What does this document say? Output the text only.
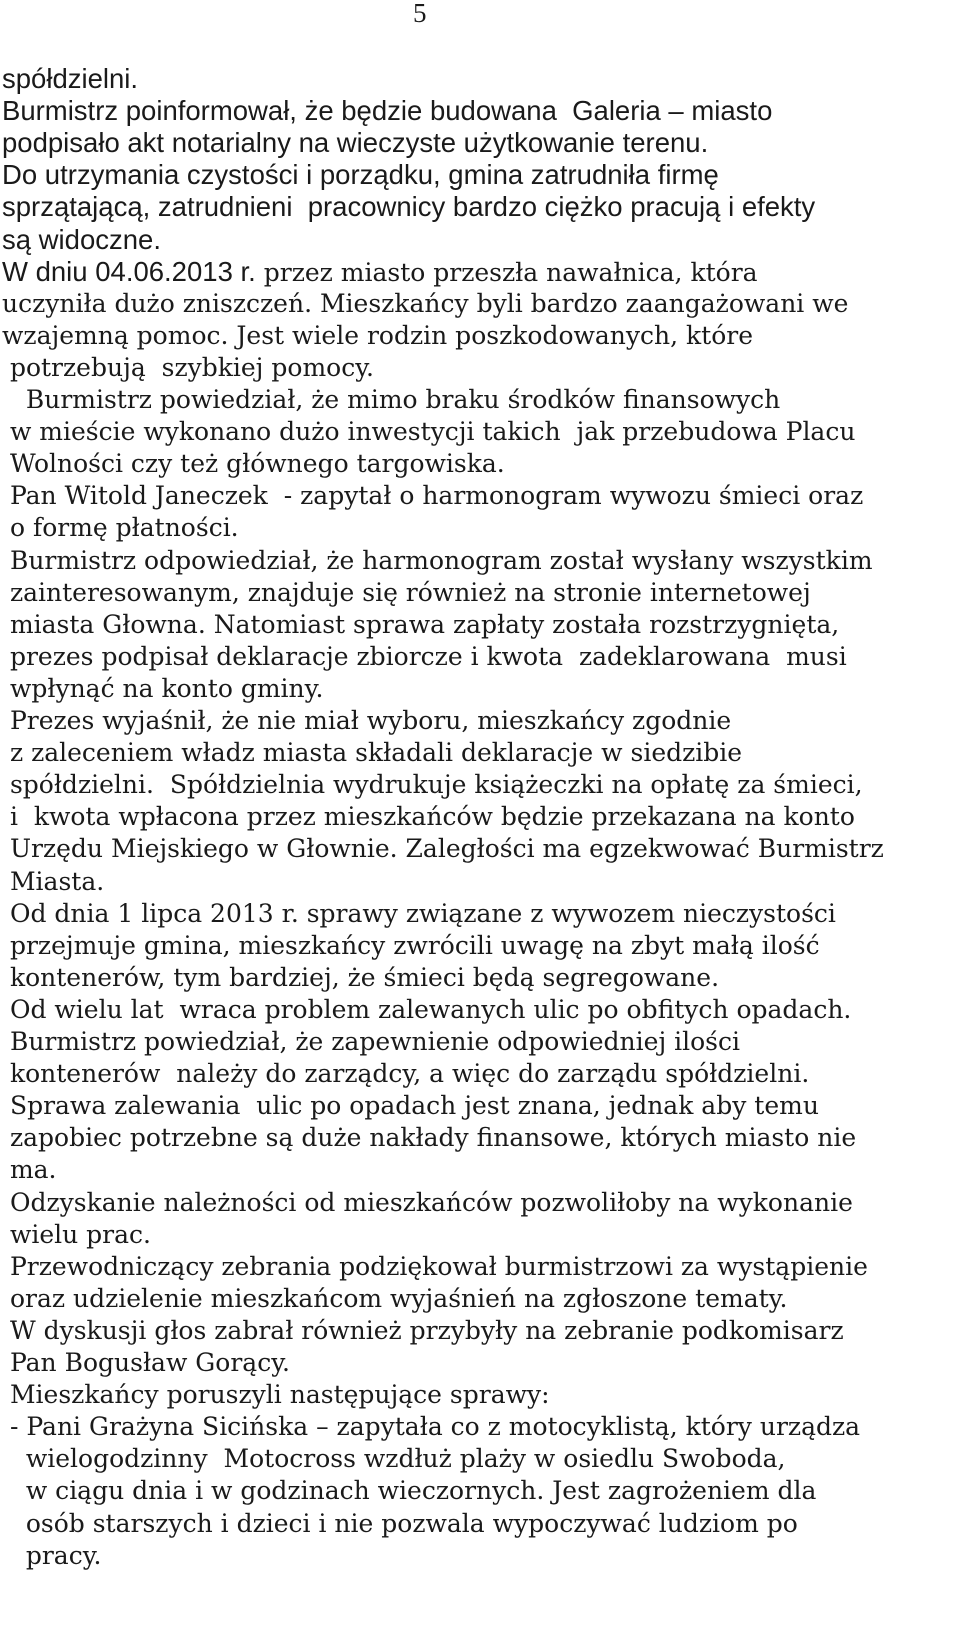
5
spółdzielni.
Burmistrz poinformował, że będzie budowana  Galeria – miasto
podpisało akt notarialny na wieczyste użytkowanie terenu.
Do utrzymania czystości i porządku, gmina zatrudniła firmę
sprzątającą, zatrudnieni  pracownicy bardzo ciężko pracują i efekty
są widoczne.
W dniu 04.06.2013 r. przez miasto przeszła nawałnica, która
uczyniła dużo zniszczeń. Mieszkańcy byli bardzo zaangażowani we
wzajemną pomoc. Jest wiele rodzin poszkodowanych, które
potrzebują  szybkiej pomocy.
Burmistrz powiedział, że mimo braku środków finansowych
w mieście wykonano dużo inwestycji takich  jak przebudowa Placu
Wolności czy też głównego targowiska.
Pan Witold Janeczek  - zapytał o harmonogram wywozu śmieci oraz
o formę płatności.
Burmistrz odpowiedział, że harmonogram został wysłany wszystkim
zainteresowanym, znajduje się również na stronie internetowej
miasta Głowna. Natomiast sprawa zapłaty została rozstrzygnięta,
prezes podpisał deklaracje zbiorcze i kwota  zadeklarowana  musi
wpłynąć na konto gminy.
Prezes wyjaśnił, że nie miał wyboru, mieszkańcy zgodnie
z zaleceniem władz miasta składali deklaracje w siedzibie
spółdzielni.  Spółdzielnia wydrukuje książeczki na opłatę za śmieci,
i  kwota wpłacona przez mieszkańców będzie przekazana na konto
Urzędu Miejskiego w Głownie. Zaległości ma egzekwować Burmistrz
Miasta.
Od dnia 1 lipca 2013 r. sprawy związane z wywozem nieczystości
przejmuje gmina, mieszkańcy zwrócili uwagę na zbyt małą ilość
kontenerów, tym bardziej, że śmieci będą segregowane.
Od wielu lat  wraca problem zalewanych ulic po obfitych opadach.
Burmistrz powiedział, że zapewnienie odpowiedniej ilości
kontenerów  należy do zarządcy, a więc do zarządu spółdzielni.
Sprawa zalewania  ulic po opadach jest znana, jednak aby temu
zapobiec potrzebne są duże nakłady finansowe, których miasto nie
ma.
Odzyskanie należności od mieszkańców pozwoliłoby na wykonanie
wielu prac.
Przewodniczący zebrania podziękował burmistrzowi za wystąpienie
oraz udzielenie mieszkańcom wyjaśnień na zgłoszone tematy.
W dyskusji głos zabrał również przybyły na zebranie podkomisarz
Pan Bogusław Gorący.
Mieszkańcy poruszyli następujące sprawy:
- Pani Grażyna Sicińska – zapytała co z motocyklistą, który urządza
wielogodzinny  Motocross wzdłuż plaży w osiedlu Swoboda,
w ciągu dnia i w godzinach wieczornych. Jest zagrożeniem dla
osób starszych i dzieci i nie pozwala wypoczywać ludziom po
pracy.
